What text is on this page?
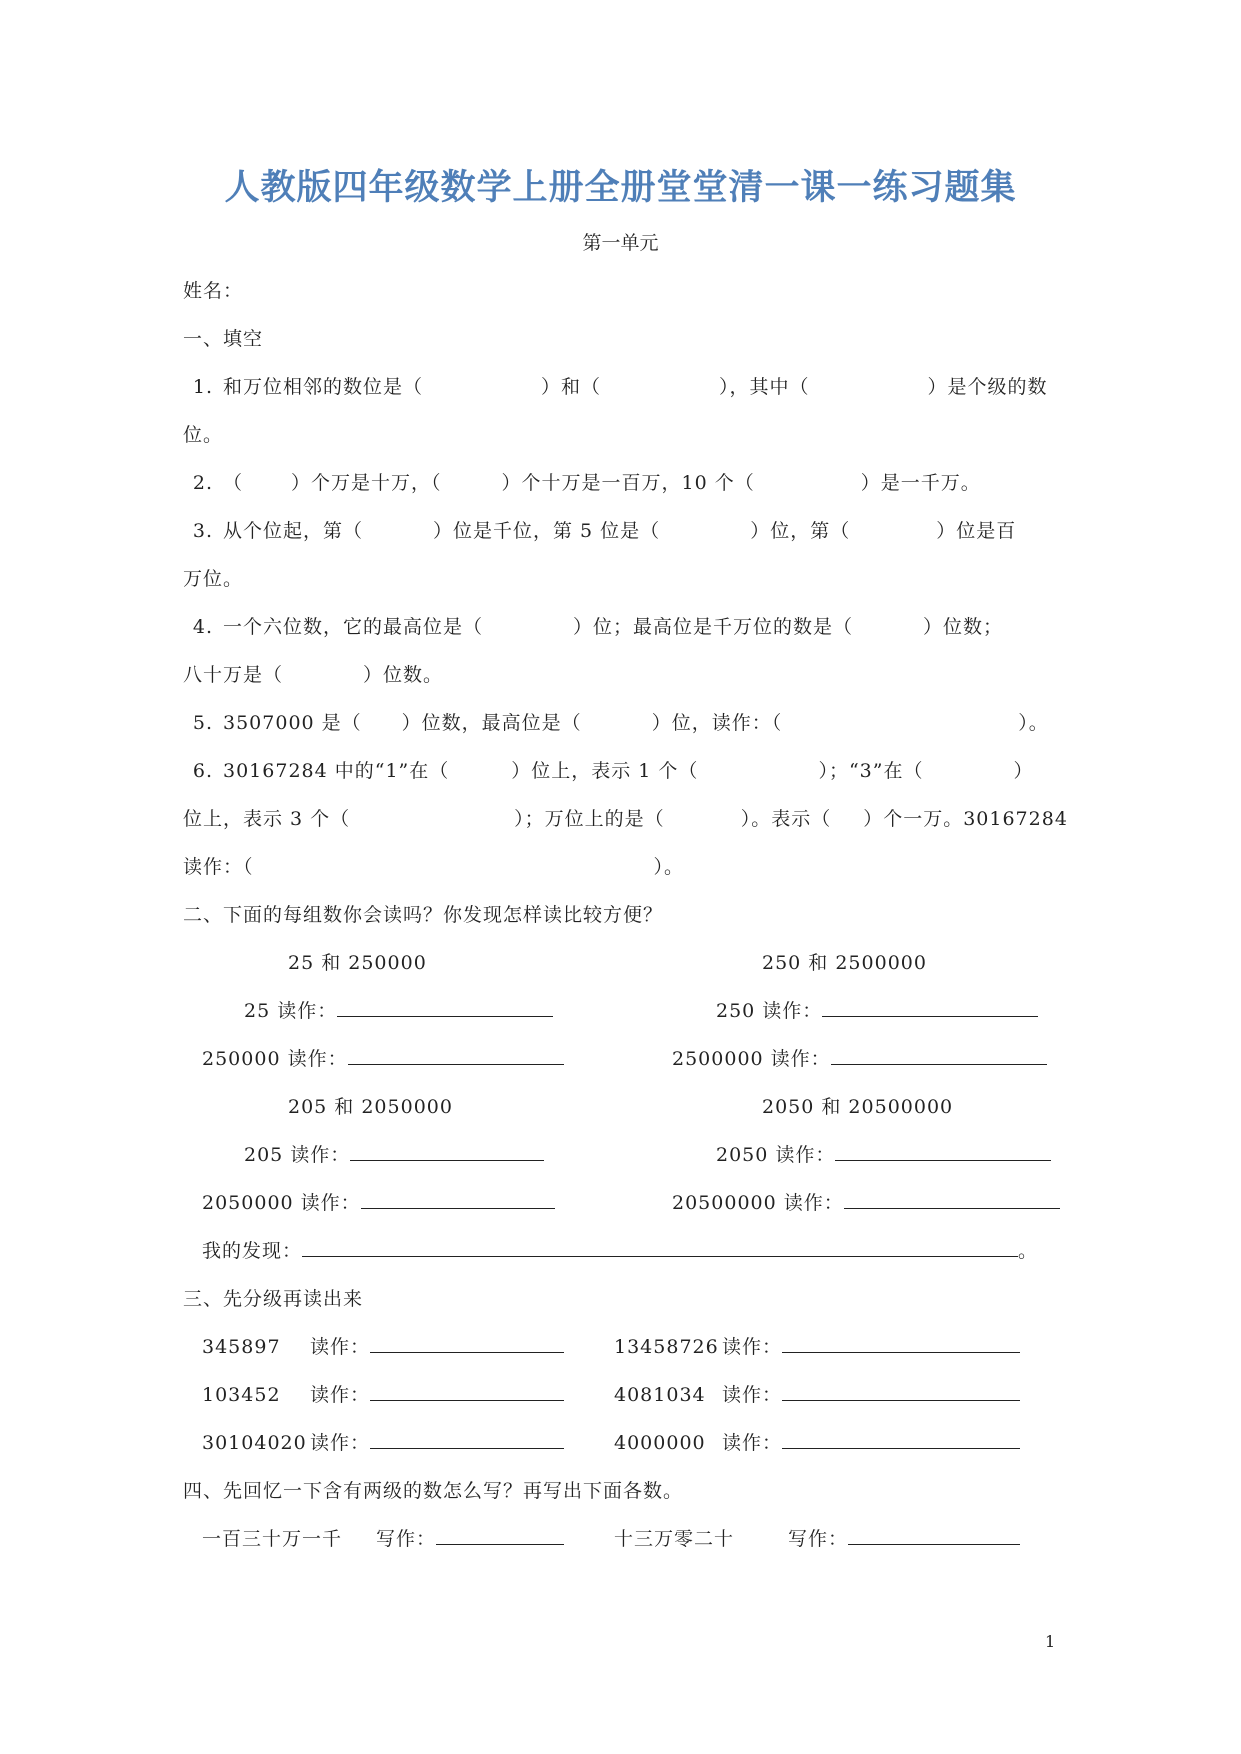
人教版四年级数学上册全册堂堂清一课一练习题集
第一单元
姓名：
一、填空
1. 和万位相邻的数位是（	）和（	），其中（	）是个级的数
位。
2. （	）个万是十万，（	）个十万是一百万，10 个（	）是一千万。
3. 从个位起，第（	）位是千位，第 5 位是（	）位，第（	）位是百
万位。
4. 一个六位数，它的最高位是（	）位；最高位是千万位的数是（	）位数；
八十万是（	）位数。
5. 3507000 是（ ）位数，最高位是（	）位，读作：（	）。
6. 30167284 中的“1”在（	）位上，表示 1 个（	）；“3”在（	）
位上，表示 3 个（	）；万位上的是（	）。表示（ ）个一万。30167284
读作：（	）。
二、下面的每组数你会读吗？你发现怎样读比较方便？
25 和 250000	250 和 2500000
25 读作：	250 读作：
250000 读作：	2500000 读作：
205 和 2050000	2050 和 20500000
205 读作：	2050 读作：
2050000 读作：	20500000 读作：
我的发现：	。
三、先分级再读出来
345897 读作：	13458726 读作：
103452 读作：	4081034 读作：
30104020 读作：	4000000 读作：
四、先回忆一下含有两级的数怎么写？再写出下面各数。
一百三十万一千 写作：	十三万零二十	写作：
1
